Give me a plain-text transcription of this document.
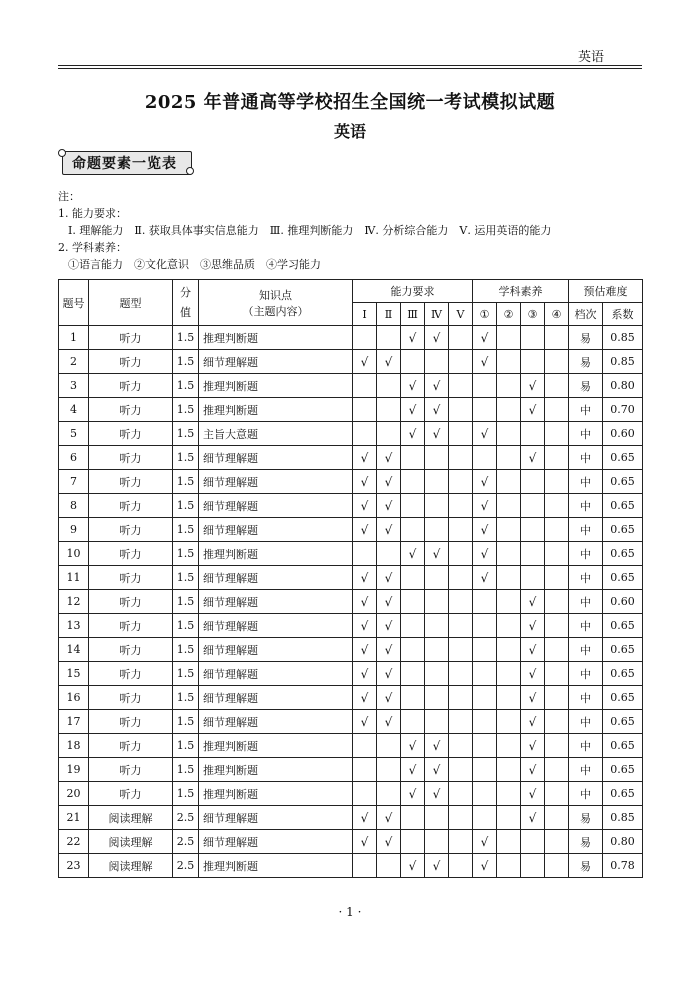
英语
2025 年普通高等学校招生全国统一考试模拟试题
英语
命题要素一览表
注：
1. 能力要求：
Ⅰ. 理解能力　Ⅱ. 获取具体事实信息能力　Ⅲ. 推理判断能力　Ⅳ. 分析综合能力　Ⅴ. 运用英语的能力
2. 学科素养：
①语言能力　②文化意识　③思维品质　④学习能力
题号	题型	分值	知识点
（主题内容）	能力要求					学科素养				预估难度	
				Ⅰ	Ⅱ	Ⅲ	Ⅳ	Ⅴ	①	②	③	④	档次	系数
1	听力	1.5	推理判断题			√	√		√				易	0.85
2	听力	1.5	细节理解题	√	√				√				易	0.85
3	听力	1.5	推理判断题			√	√				√		易	0.80
4	听力	1.5	推理判断题			√	√				√		中	0.70
5	听力	1.5	主旨大意题			√	√		√				中	0.60
6	听力	1.5	细节理解题	√	√						√		中	0.65
7	听力	1.5	细节理解题	√	√				√				中	0.65
8	听力	1.5	细节理解题	√	√				√				中	0.65
9	听力	1.5	细节理解题	√	√				√				中	0.65
10	听力	1.5	推理判断题			√	√		√				中	0.65
11	听力	1.5	细节理解题	√	√				√				中	0.65
12	听力	1.5	细节理解题	√	√						√		中	0.60
13	听力	1.5	细节理解题	√	√						√		中	0.65
14	听力	1.5	细节理解题	√	√						√		中	0.65
15	听力	1.5	细节理解题	√	√						√		中	0.65
16	听力	1.5	细节理解题	√	√						√		中	0.65
17	听力	1.5	细节理解题	√	√						√		中	0.65
18	听力	1.5	推理判断题			√	√				√		中	0.65
19	听力	1.5	推理判断题			√	√				√		中	0.65
20	听力	1.5	推理判断题			√	√				√		中	0.65
21	阅读理解	2.5	细节理解题	√	√						√		易	0.85
22	阅读理解	2.5	细节理解题	√	√				√				易	0.80
23	阅读理解	2.5	推理判断题			√	√		√				易	0.78
· 1 ·
